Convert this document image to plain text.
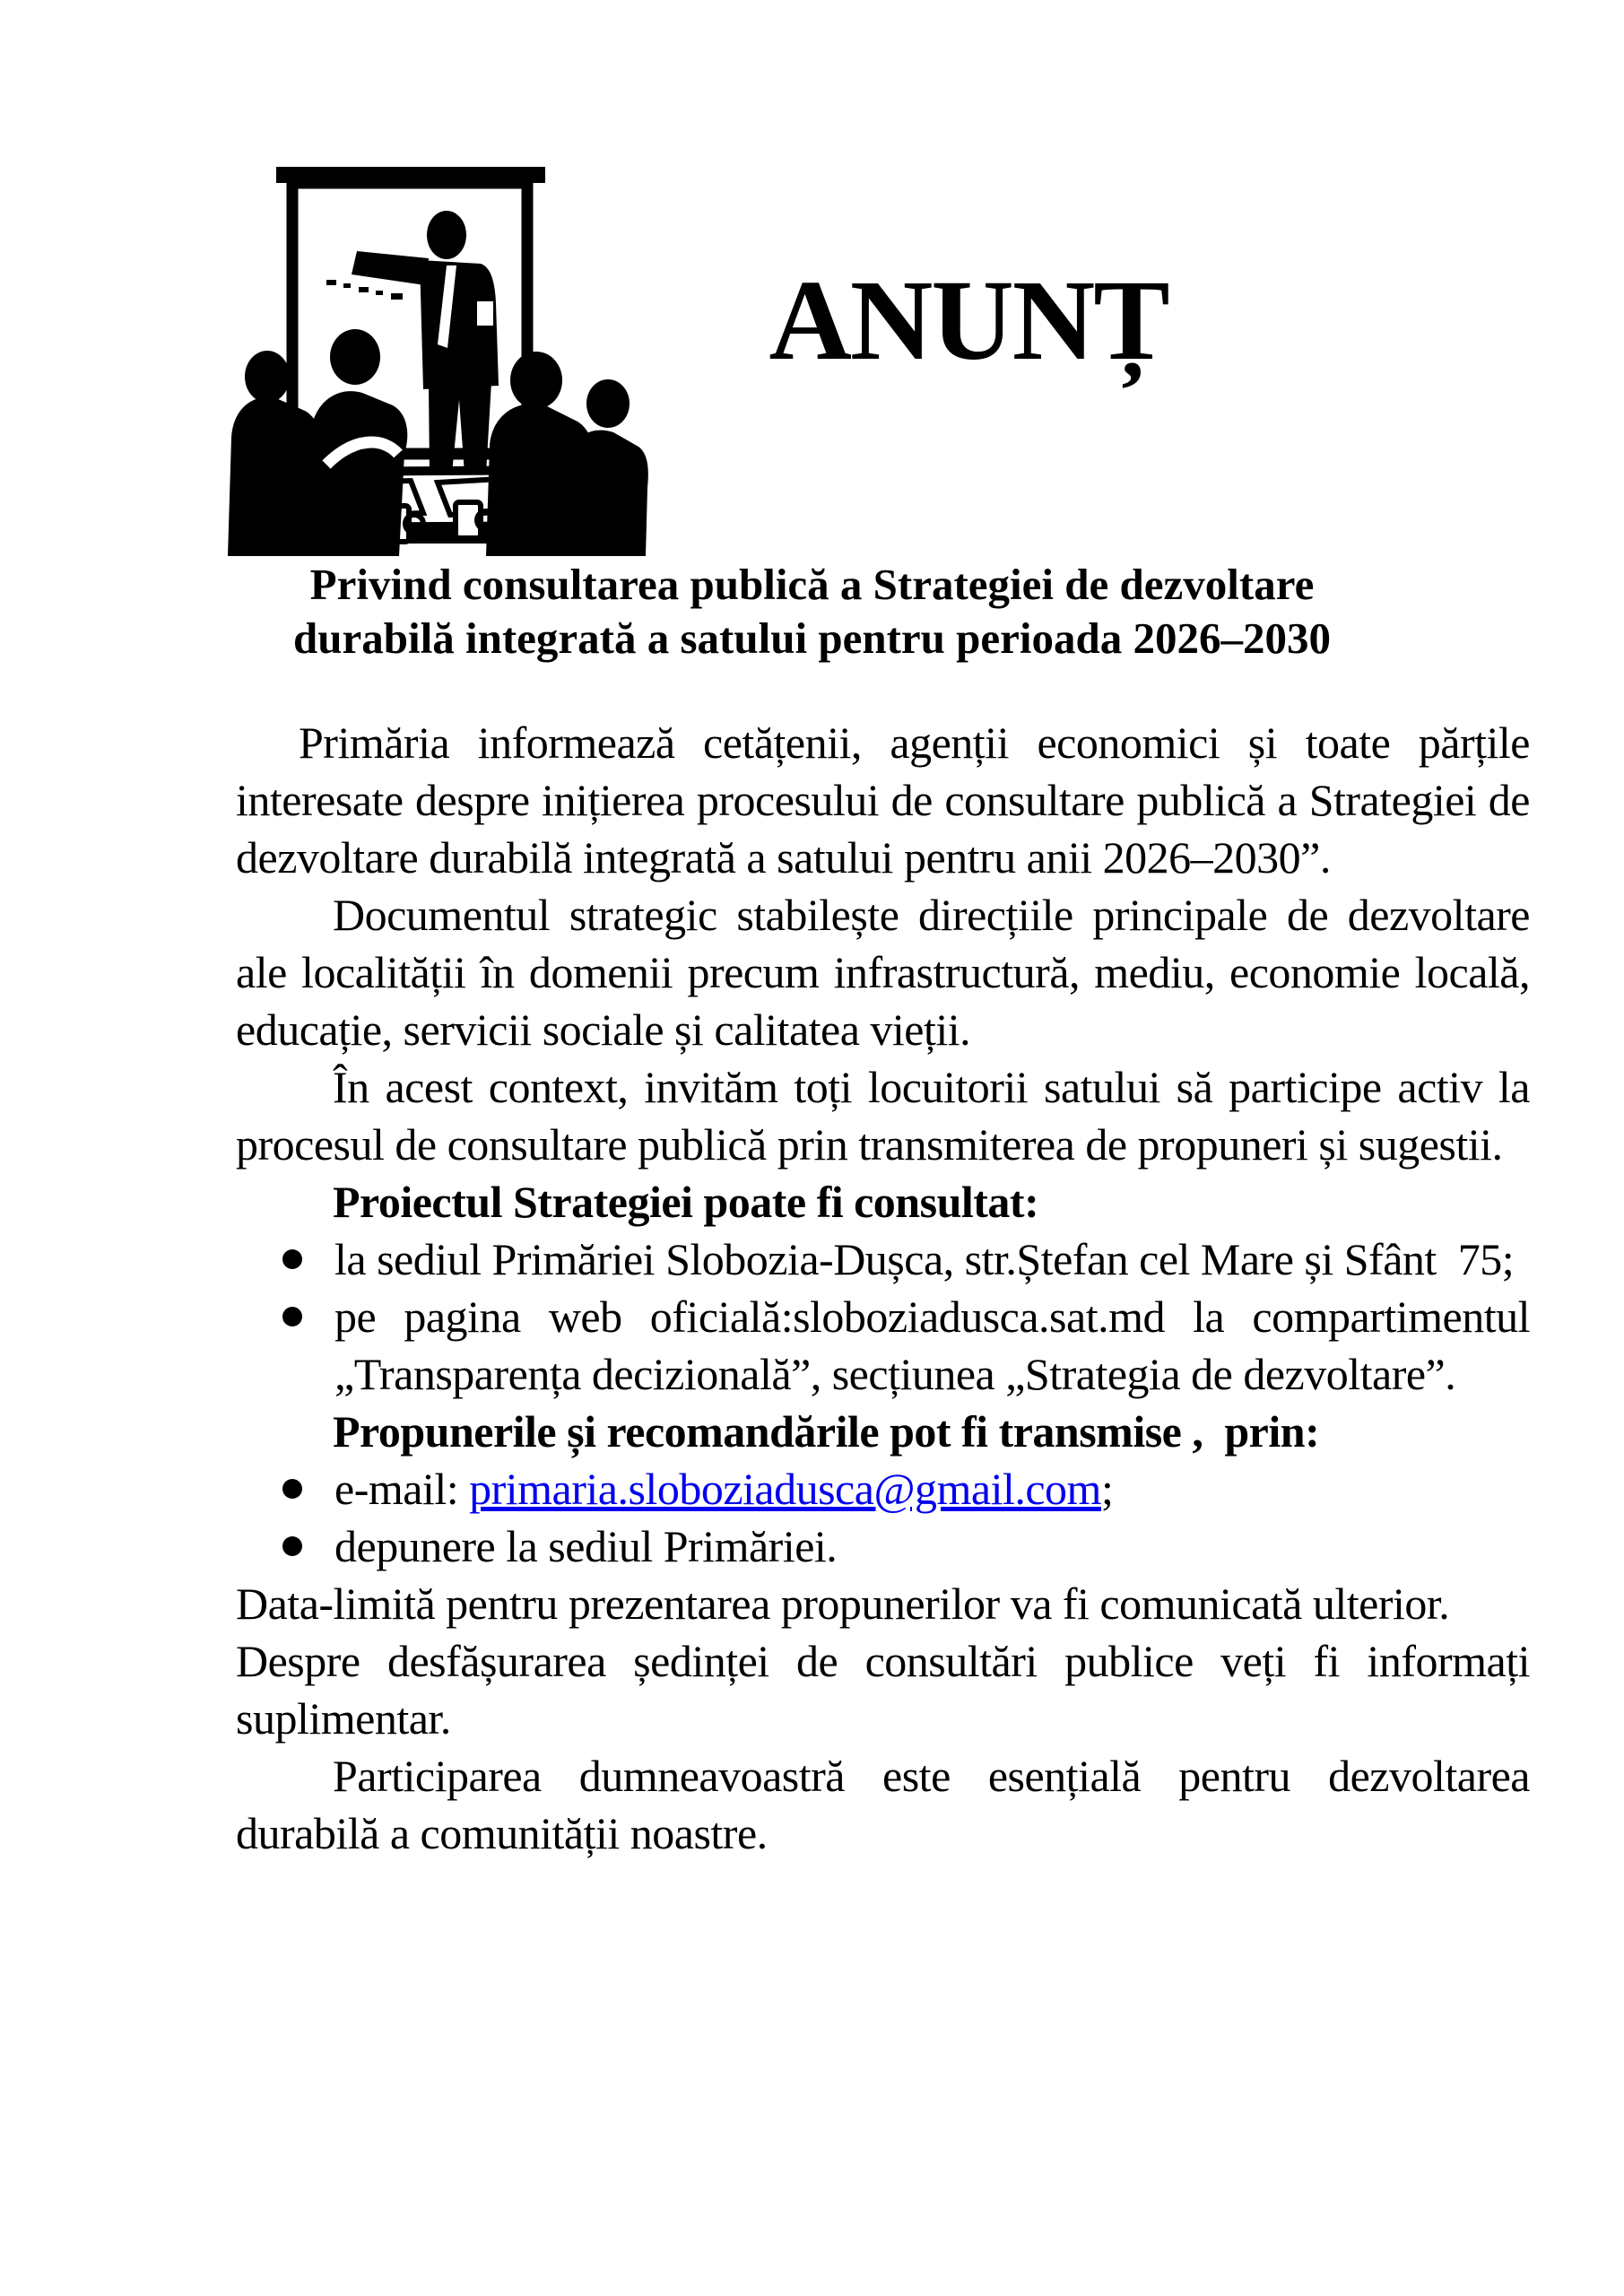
ANUNȚ
Privind consultarea publică a Strategiei de dezvoltare
durabilă integrată a satului pentru perioada 2026–2030

Primăria informează cetățenii, agenții economici și toate părțile interesate despre inițierea procesului de consultare publică a Strategiei de dezvoltare durabilă integrată a satului pentru anii 2026–2030”.

Documentul strategic stabilește direcțiile principale de dezvoltare ale localității în domenii precum infrastructură, mediu, economie locală, educație, servicii sociale și calitatea vieții.

În acest context, invităm toți locuitorii satului să participe activ la procesul de consultare publică prin transmiterea de propuneri și sugestii.

Proiectul Strategiei poate fi consultat:

la sediul Primăriei Slobozia-Dușca, str.Ștefan cel Mare și Sfânt  75;
pe pagina web oficială:sloboziadusca.sat.md la compartimentul „Transparența decizională”, secțiunea „Strategia de dezvoltare”.

Propunerile și recomandările pot fi transmise ,  prin:

e-mail: primaria.sloboziadusca@gmail.com;
depunere la sediul Primăriei.

Data-limită pentru prezentarea propunerilor va fi comunicată ulterior.

Despre desfășurarea ședinței de consultări publice veți fi informați suplimentar.

Participarea dumneavoastră este esențială pentru dezvoltarea durabilă a comunității noastre.
